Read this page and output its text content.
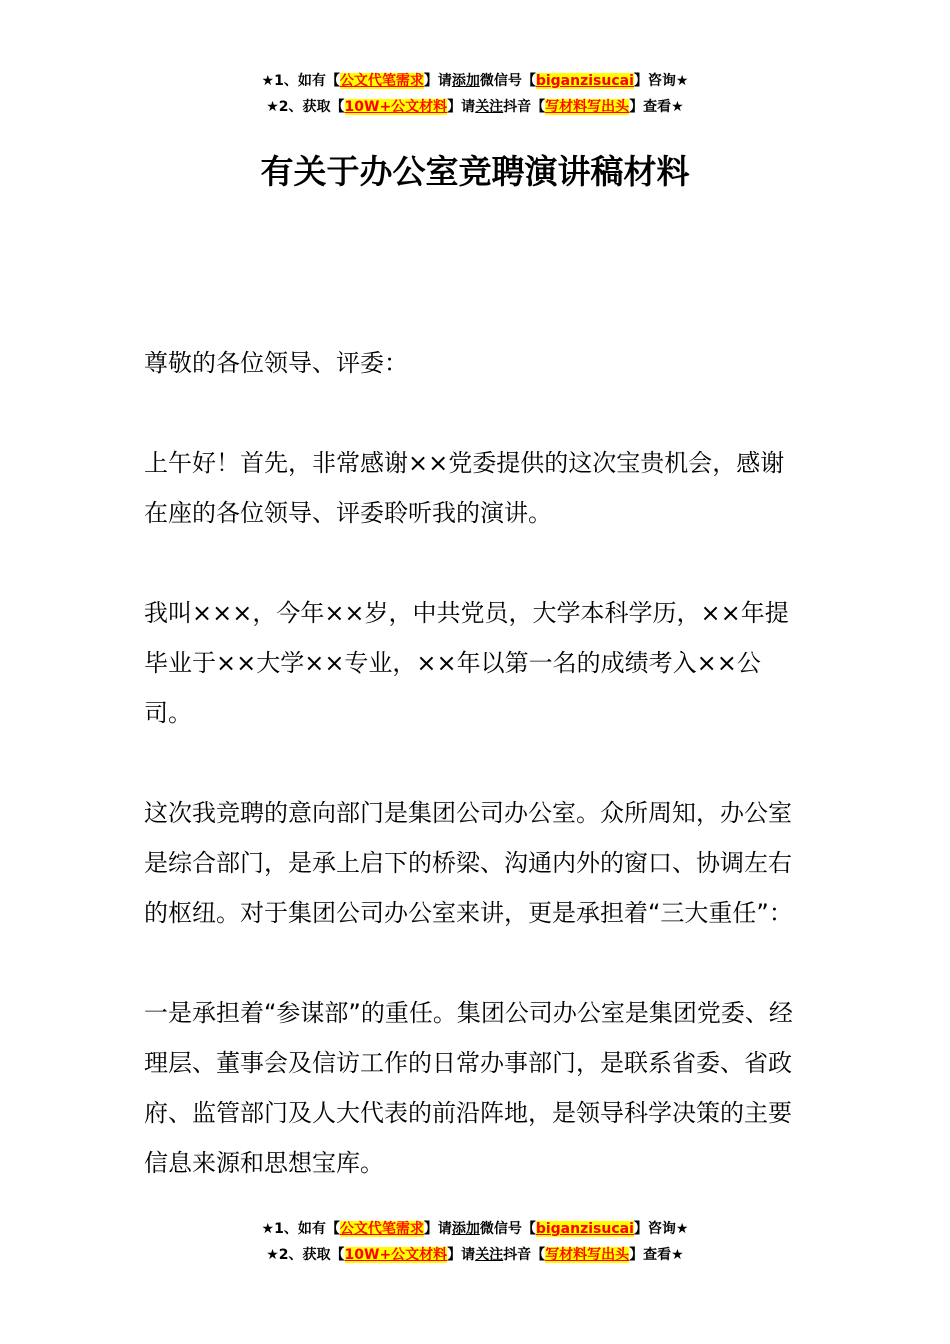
★1、如有【公文代笔需求】请添加微信号【biganzisucai】咨询★
★2、获取【10W+公文材料】请关注抖音【写材料写出头】查看★
有关于办公室竞聘演讲稿材料

尊敬的各位领导、评委：

上午好！首先，非常感谢××党委提供的这次宝贵机会，感谢在座的各位领导、评委聆听我的演讲。

我叫×××，今年××岁，中共党员，大学本科学历，××年提毕业于××大学××专业，××年以第一名的成绩考入××公司。

这次我竞聘的意向部门是集团公司办公室。众所周知，办公室是综合部门，是承上启下的桥梁、沟通内外的窗口、协调左右的枢纽。对于集团公司办公室来讲，更是承担着“三大重任”：

一是承担着“参谋部”的重任。集团公司办公室是集团党委、经理层、董事会及信访工作的日常办事部门，是联系省委、省政府、监管部门及人大代表的前沿阵地，是领导科学决策的主要信息来源和思想宝库。

★1、如有【公文代笔需求】请添加微信号【biganzisucai】咨询★
★2、获取【10W+公文材料】请关注抖音【写材料写出头】查看★
